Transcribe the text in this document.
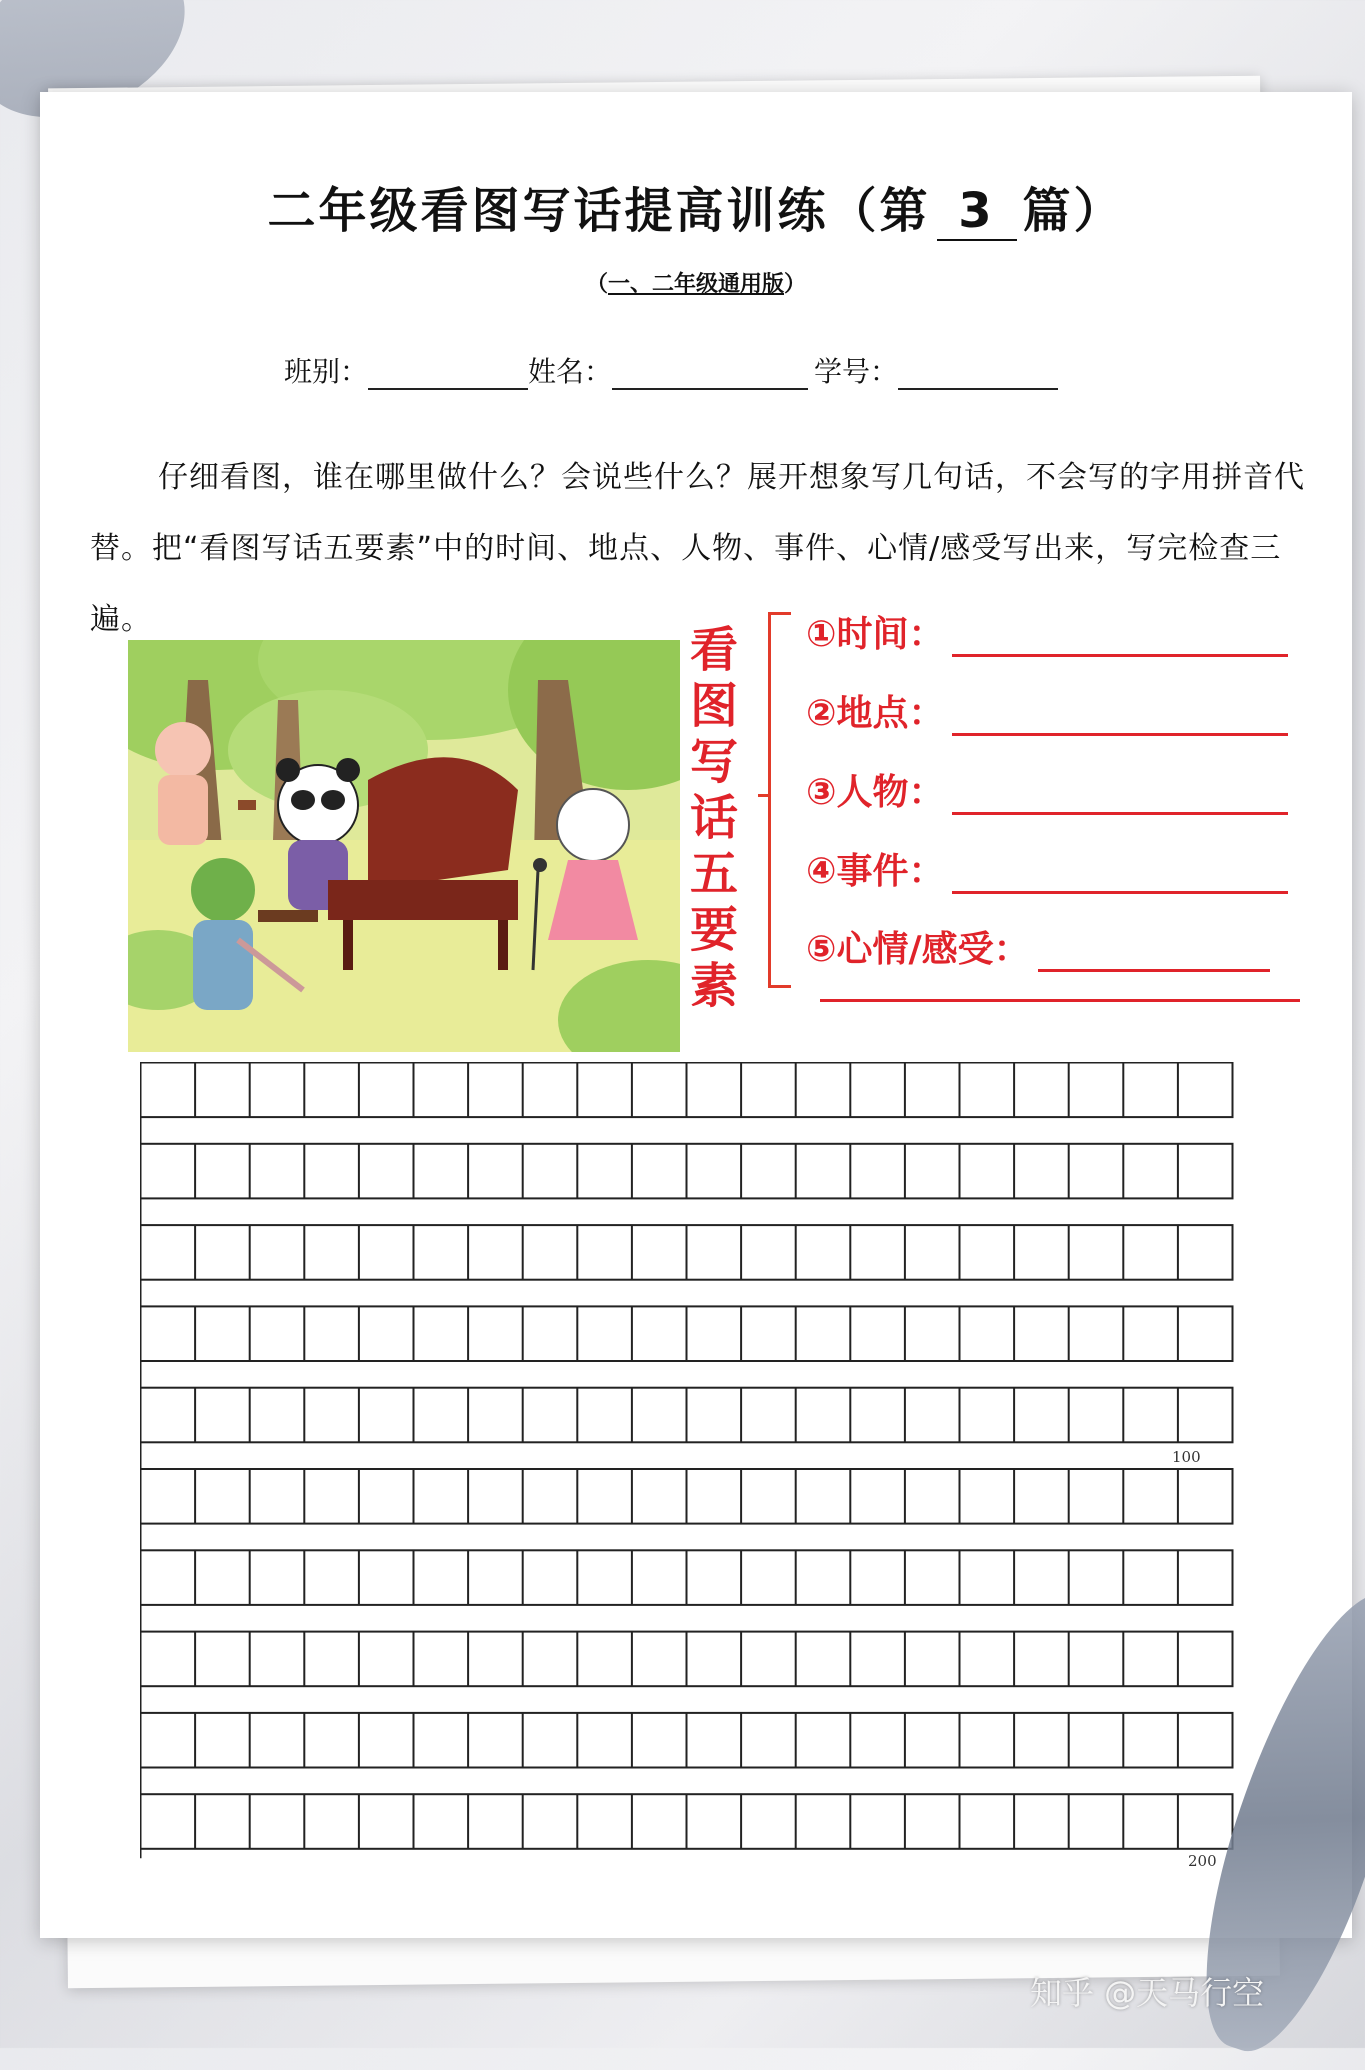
二年级看图写话提高训练（第 3 篇）
（一、二年级通用版）
班别：	姓名：	学号：
仔细看图，谁在哪里做什么？会说些什么？展开想象写几句话，不会写的字用拼音代替。把“看图写话五要素”中的时间、地点、人物、事件、心情/感受写出来，写完检查三遍。
看
图
写
话
五
要
素
①时间：
②地点：
③人物：
④事件：
⑤心情/感受：
100
200
知乎 @天马行空
